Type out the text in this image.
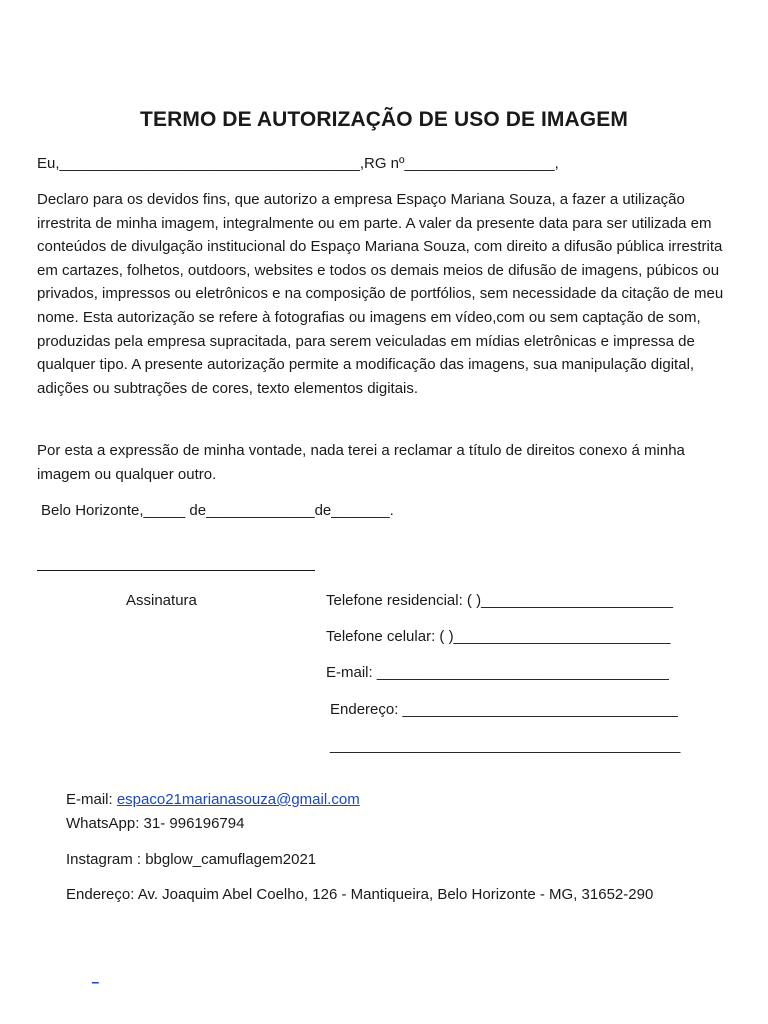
TERMO DE AUTORIZAÇÃO DE USO DE IMAGEM

Eu,____________________________________,RG nº__________________,

Declaro para os devidos fins, que autorizo a empresa Espaço Mariana Souza, a fazer a utilização irrestrita de minha imagem, integralmente ou em parte. A valer da presente data para ser utilizada em conteúdos de divulgação institucional do Espaço Mariana Souza, com direito a difusão pública irrestrita em cartazes, folhetos, outdoors, websites e todos os demais meios de difusão de imagens, púbicos ou privados, impressos ou eletrônicos e na composição de portfólios, sem necessidade da citação de meu nome. Esta autorização se refere à fotografias ou imagens em vídeo,com ou sem captação de som, produzidas pela empresa supracitada, para serem veiculadas em mídias eletrônicas e impressa de qualquer tipo. A presente autorização permite a modificação das imagens, sua manipulação digital, adições ou subtrações de cores, texto elementos digitais.

Por esta a expressão de minha vontade, nada terei a reclamar a título de direitos conexo á minha imagem ou qualquer outro.

Belo Horizonte,_____ de_____________de_______.

Assinatura	Telefone residencial: ( )_______________________

Telefone celular: ( )__________________________

E-mail: ___________________________________

Endereço: _________________________________

__________________________________________

E-mail: espaco21marianasouza@gmail.com

WhatsApp: 31- 996196794

Instagram : bbglow_camuflagem2021

Endereço: Av. Joaquim Abel Coelho, 126 - Mantiqueira, Belo Horizonte - MG, 31652-290

_
